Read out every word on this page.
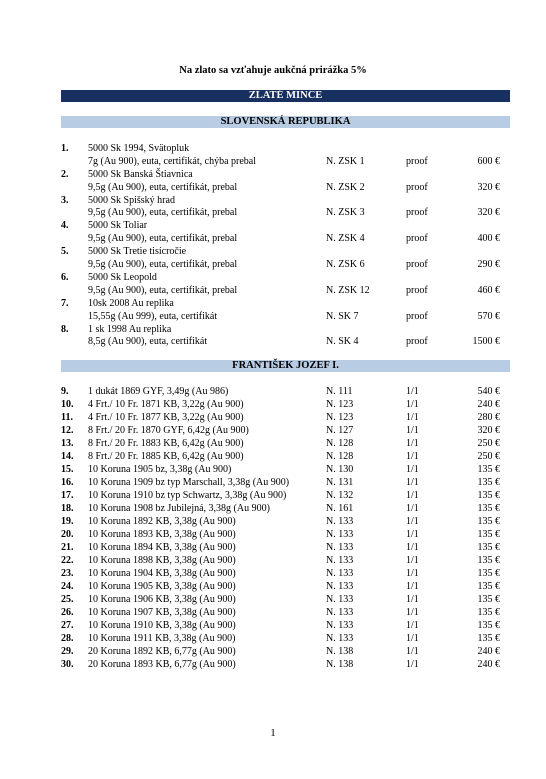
Na zlato sa vzťahuje aukčná prirážka 5%
ZLATÉ MINCE
SLOVENSKÁ REPUBLIKA
1. 5000 Sk 1994, Svätopluk
7g (Au 900), euta, certifikát, chýba prebal	N. ZSK 1	proof	600 €
2. 5000 Sk Banská Štiavnica
9,5g (Au 900), euta, certifikát, prebal	N. ZSK 2	proof	320 €
3. 5000 Sk Spišský hrad
9,5g (Au 900), euta, certifikát, prebal	N. ZSK 3	proof	320 €
4. 5000 Sk Toliar
9,5g (Au 900), euta, certifikát, prebal	N. ZSK 4	proof	400 €
5. 5000 Sk Tretie tisícročie
9,5g (Au 900), euta, certifikát, prebal	N. ZSK 6	proof	290 €
6. 5000 Sk Leopold
9,5g (Au 900), euta, certifikát, prebal	N. ZSK 12	proof	460 €
7. 10sk 2008 Au replika
15,55g (Au 999), euta, certifikát	N. SK 7	proof	570 €
8. 1 sk 1998 Au replika
8,5g (Au 900), euta, certifikát	N. SK 4	proof	1500 €
FRANTIŠEK JOZEF I.
9. 1 dukát 1869 GYF, 3,49g (Au 986)	N. 111	1/1	540 €
10. 4 Frt./ 10 Fr. 1871 KB, 3,22g (Au 900)	N. 123	1/1	240 €
11. 4 Frt./ 10 Fr. 1877 KB, 3,22g (Au 900)	N. 123	1/1	280 €
12. 8 Frt./ 20 Fr. 1870 GYF, 6,42g (Au 900)	N. 127	1/1	320 €
13. 8 Frt./ 20 Fr. 1883 KB, 6,42g (Au 900)	N. 128	1/1	250 €
14. 8 Frt./ 20 Fr. 1885 KB, 6,42g (Au 900)	N. 128	1/1	250 €
15. 10 Koruna 1905 bz, 3,38g (Au 900)	N. 130	1/1	135 €
16. 10 Koruna 1909 bz typ Marschall, 3,38g (Au 900)	N. 131	1/1	135 €
17. 10 Koruna 1910 bz typ Schwartz, 3,38g (Au 900)	N. 132	1/1	135 €
18. 10 Koruna 1908 bz Jubilejná, 3,38g (Au 900)	N. 161	1/1	135 €
19. 10 Koruna 1892 KB, 3,38g (Au 900)	N. 133	1/1	135 €
20. 10 Koruna 1893 KB, 3,38g (Au 900)	N. 133	1/1	135 €
21. 10 Koruna 1894 KB, 3,38g (Au 900)	N. 133	1/1	135 €
22. 10 Koruna 1898 KB, 3,38g (Au 900)	N. 133	1/1	135 €
23. 10 Koruna 1904 KB, 3,38g (Au 900)	N. 133	1/1	135 €
24. 10 Koruna 1905 KB, 3,38g (Au 900)	N. 133	1/1	135 €
25. 10 Koruna 1906 KB, 3,38g (Au 900)	N. 133	1/1	135 €
26. 10 Koruna 1907 KB, 3,38g (Au 900)	N. 133	1/1	135 €
27. 10 Koruna 1910 KB, 3,38g (Au 900)	N. 133	1/1	135 €
28. 10 Koruna 1911 KB, 3,38g (Au 900)	N. 133	1/1	135 €
29. 20 Koruna 1892 KB, 6,77g (Au 900)	N. 138	1/1	240 €
30. 20 Koruna 1893 KB, 6,77g (Au 900)	N. 138	1/1	240 €
1
